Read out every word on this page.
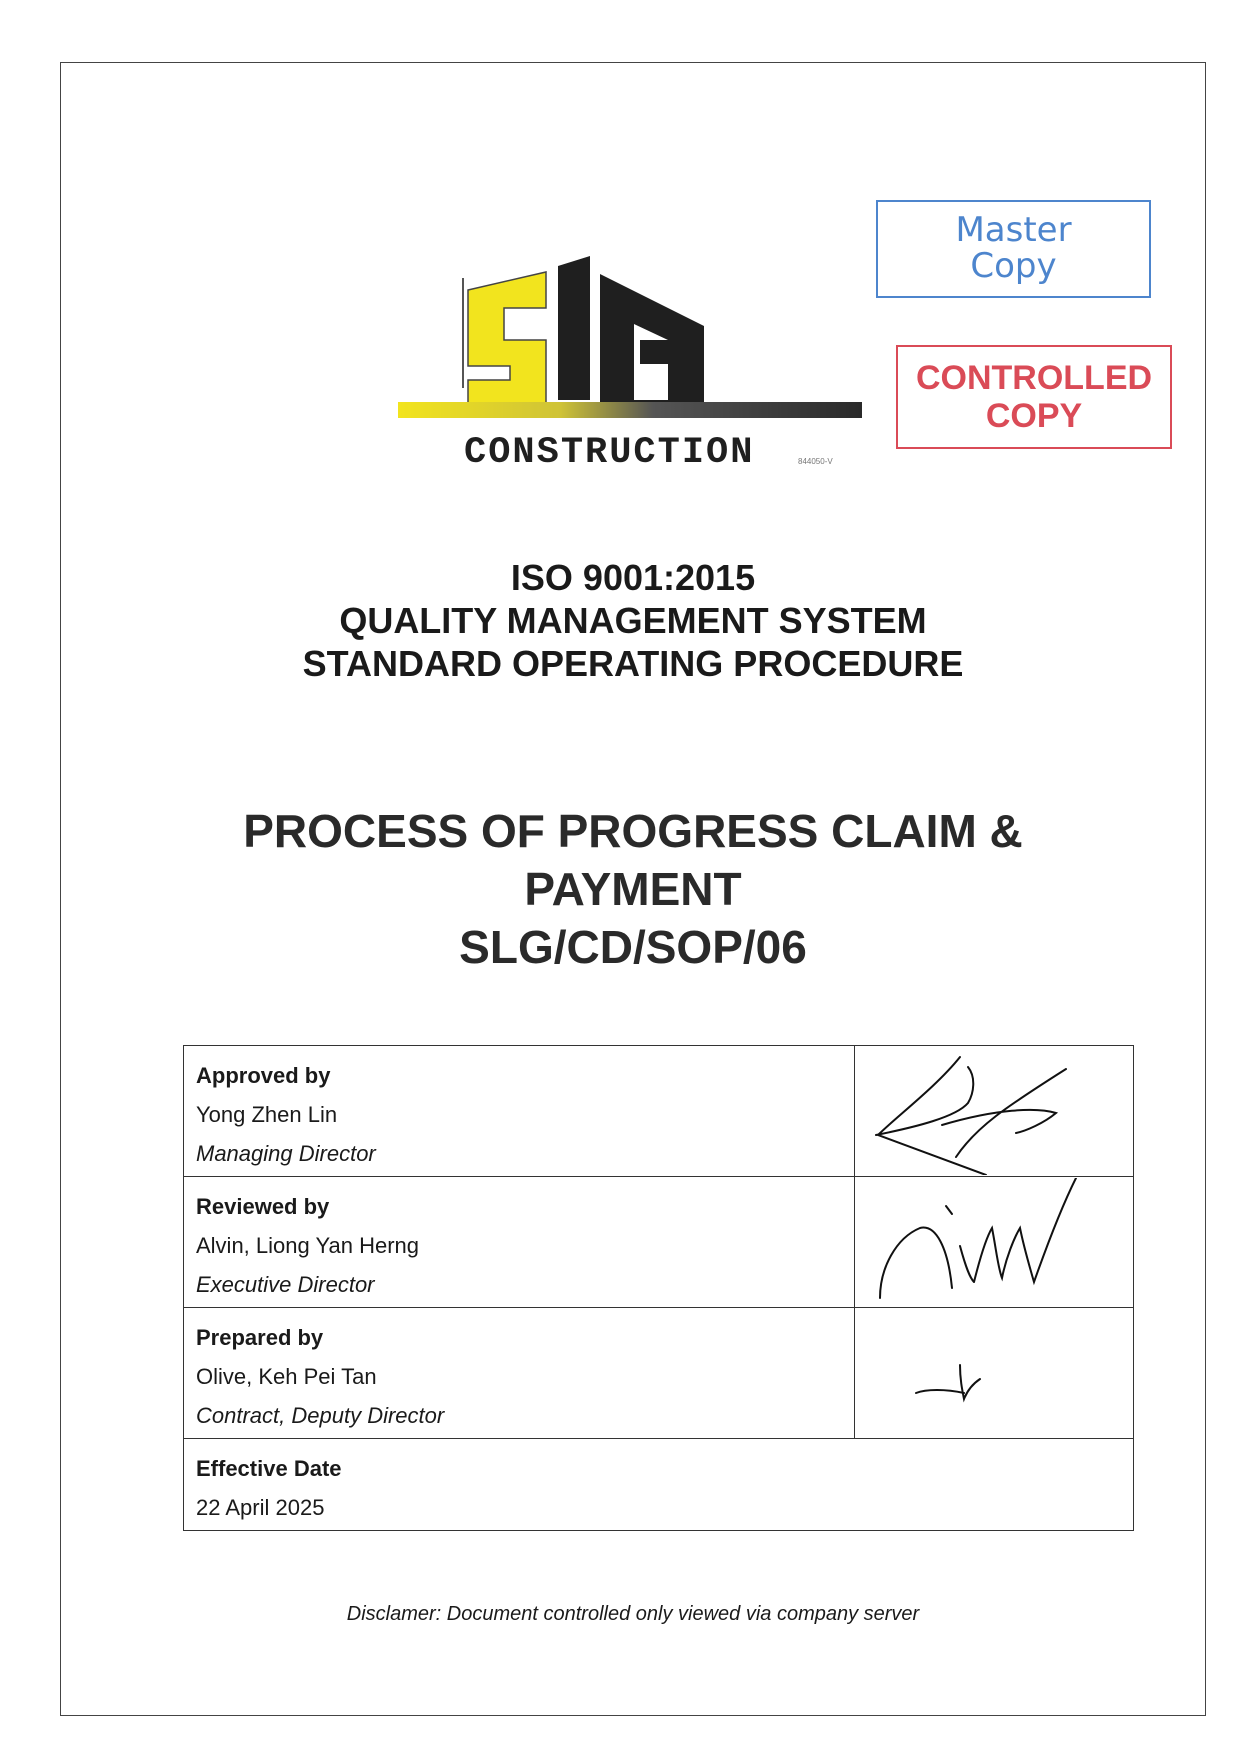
CONSTRUCTION	844050-V
Master
Copy
CONTROLLED
COPY
ISO 9001:2015
QUALITY MANAGEMENT SYSTEM
STANDARD OPERATING PROCEDURE
PROCESS OF PROGRESS CLAIM &
PAYMENT
SLG/CD/SOP/06
Approved by
Yong Zhen Lin
Managing Director

Reviewed by
Alvin, Liong Yan Herng
Executive Director

Prepared by
Olive, Keh Pei Tan
Contract, Deputy Director

Effective Date
22 April 2025	
Disclamer: Document controlled only viewed via company server
